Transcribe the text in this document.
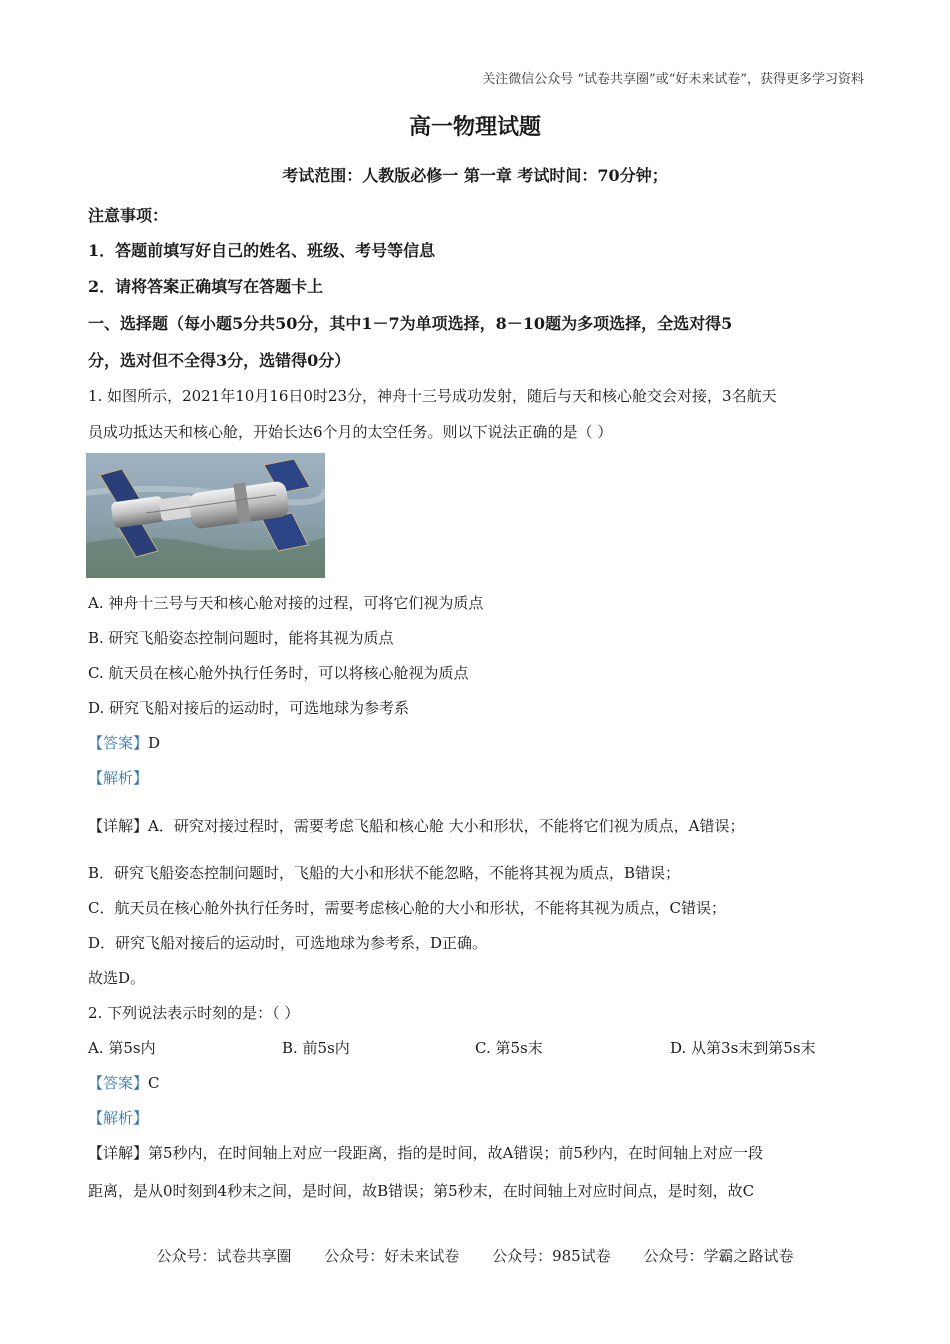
关注微信公众号 “试卷共享圈”或“好未来试卷”，获得更多学习资料
高一物理试题
考试范围：人教版必修一 第一章 考试时间：70分钟；
注意事项：
1．答题前填写好自己的姓名、班级、考号等信息
2．请将答案正确填写在答题卡上
一、选择题（每小题5分共50分，其中1－7为单项选择，8－10题为多项选择，全选对得5
分，选对但不全得3分，选错得0分）
1. 如图所示，2021年10月16日0时23分，神舟十三号成功发射，随后与天和核心舱交会对接，3名航天
员成功抵达天和核心舱，开始长达6个月的太空任务。则以下说法正确的是（ ）
A. 神舟十三号与天和核心舱对接的过程，可将它们视为质点
B. 研究飞船姿态控制问题时，能将其视为质点
C. 航天员在核心舱外执行任务时，可以将核心舱视为质点
D. 研究飞船对接后的运动时，可选地球为参考系
【答案】D
【解析】
【详解】A．研究对接过程时，需要考虑飞船和核心舱 大小和形状，不能将它们视为质点，A错误；
B．研究飞船姿态控制问题时，飞船的大小和形状不能忽略，不能将其视为质点，B错误；
C．航天员在核心舱外执行任务时，需要考虑核心舱的大小和形状，不能将其视为质点，C错误；
D．研究飞船对接后的运动时，可选地球为参考系，D正确。
故选D。
2. 下列说法表示时刻的是：（ ）
A. 第5s内	B. 前5s内	C. 第5s末	D. 从第3s末到第5s末
【答案】C
【解析】
【详解】第5秒内，在时间轴上对应一段距离，指的是时间，故A错误；前5秒内，在时间轴上对应一段
距离，是从0时刻到4秒末之间，是时间，故B错误；第5秒末，在时间轴上对应时间点，是时刻，故C
公众号：试卷共享圈 公众号：好未来试卷 公众号：985试卷 公众号：学霸之路试卷
